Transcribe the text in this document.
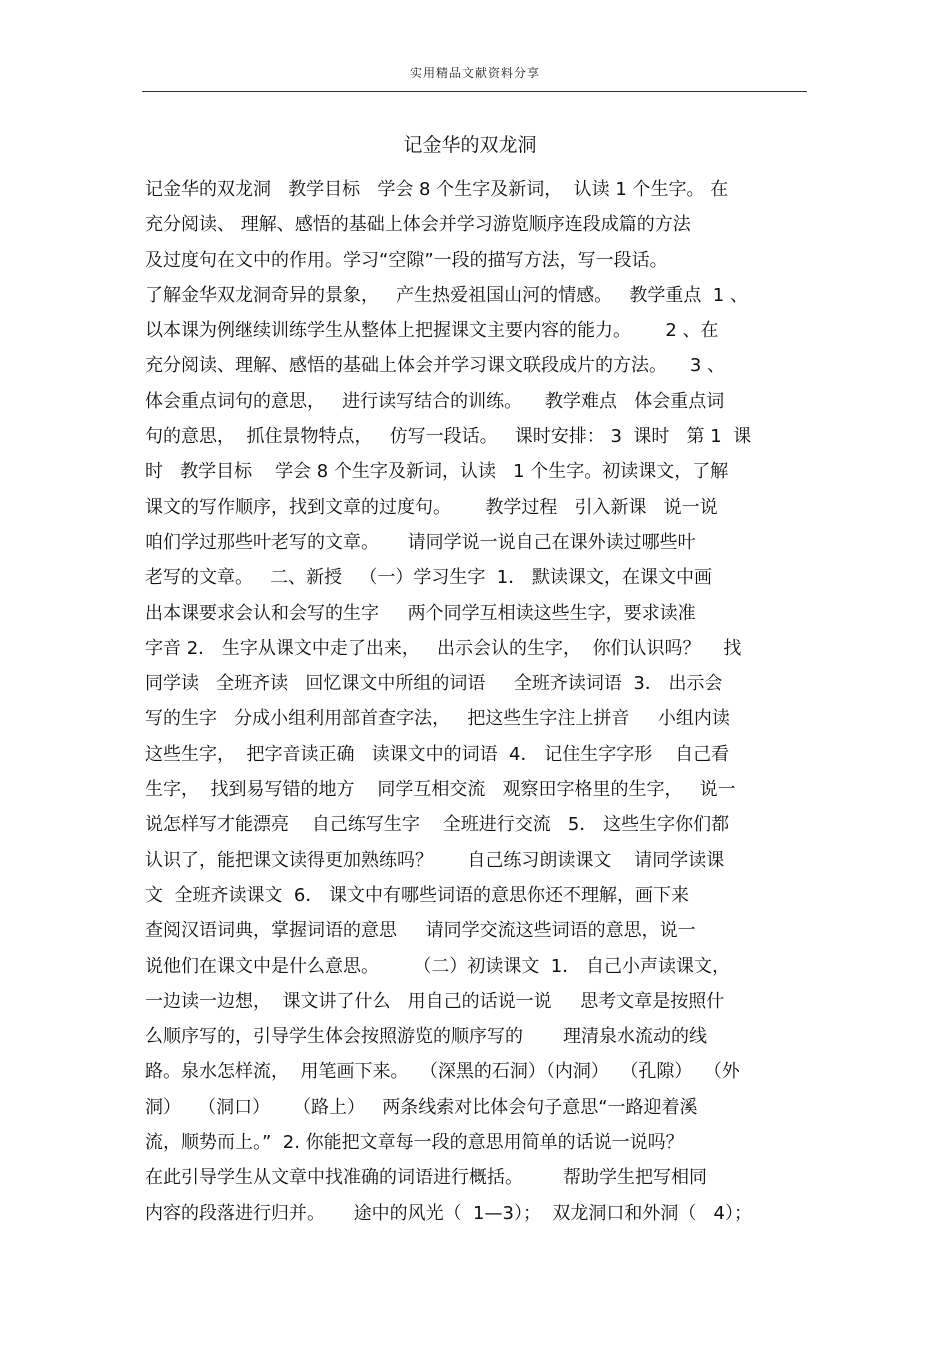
实用精品文献资料分享
记金华的双龙洞
记金华的双龙洞   教学目标   学会 8 个生字及新词，  认读 1 个生字。 在
充分阅读、 理解、感悟的基础上体会并学习游览顺序连段成篇的方法
及过度句在文中的作用。学习“空隙”一段的描写方法，写一段话。
了解金华双龙洞奇异的景象，   产生热爱祖国山河的情感。   教学重点  1 、
以本课为例继续训练学生从整体上把握课文主要内容的能力。      2 、在
充分阅读、理解、感悟的基础上体会并学习课文联段成片的方法。    3 、
体会重点词句的意思，   进行读写结合的训练。    教学难点   体会重点词
句的意思，  抓住景物特点，   仿写一段话。   课时安排： 3  课时   第 1  课
时   教学目标    学会 8 个生字及新词，认读   1 个生字。初读课文，了解
课文的写作顺序，找到文章的过度句。      教学过程   引入新课   说一说
咱们学过那些叶老写的文章。     请同学说一说自己在课外读过哪些叶
老写的文章。   二、新授   （一）学习生字  1． 默读课文，在课文中画
出本课要求会认和会写的生字     两个同学互相读这些生字，要求读准
字音 2． 生字从课文中走了出来，   出示会认的生字，  你们认识吗？    找
同学读   全班齐读   回忆课文中所组的词语     全班齐读词语  3． 出示会
写的生字   分成小组利用部首查字法，   把这些生字注上拼音     小组内读
这些生字，  把字音读正确   读课文中的词语  4． 记住生字字形    自己看
生字，  找到易写错的地方    同学互相交流   观察田字格里的生字，   说一
说怎样写才能漂亮    自己练写生字    全班进行交流   5． 这些生字你们都
认识了，能把课文读得更加熟练吗？      自己练习朗读课文    请同学读课
文  全班齐读课文  6． 课文中有哪些词语的意思你还不理解，画下来
查阅汉语词典，掌握词语的意思     请同学交流这些词语的意思，说一
说他们在课文中是什么意思。      （二）初读课文  1． 自己小声读课文，
一边读一边想，  课文讲了什么   用自己的话说一说     思考文章是按照什
么顺序写的，引导学生体会按照游览的顺序写的       理清泉水流动的线
路。泉水怎样流，  用笔画下来。  （深黑的石洞）（内洞）  （孔隙）  （外
洞）   （洞口）    （路上）   两条线索对比体会句子意思“一路迎着溪
流，顺势而上。”  2. 你能把文章每一段的意思用简单的话说一说吗？
在此引导学生从文章中找准确的词语进行概括。       帮助学生把写相同
内容的段落进行归并。     途中的风光（  1—3）；  双龙洞口和外洞（   4）；
